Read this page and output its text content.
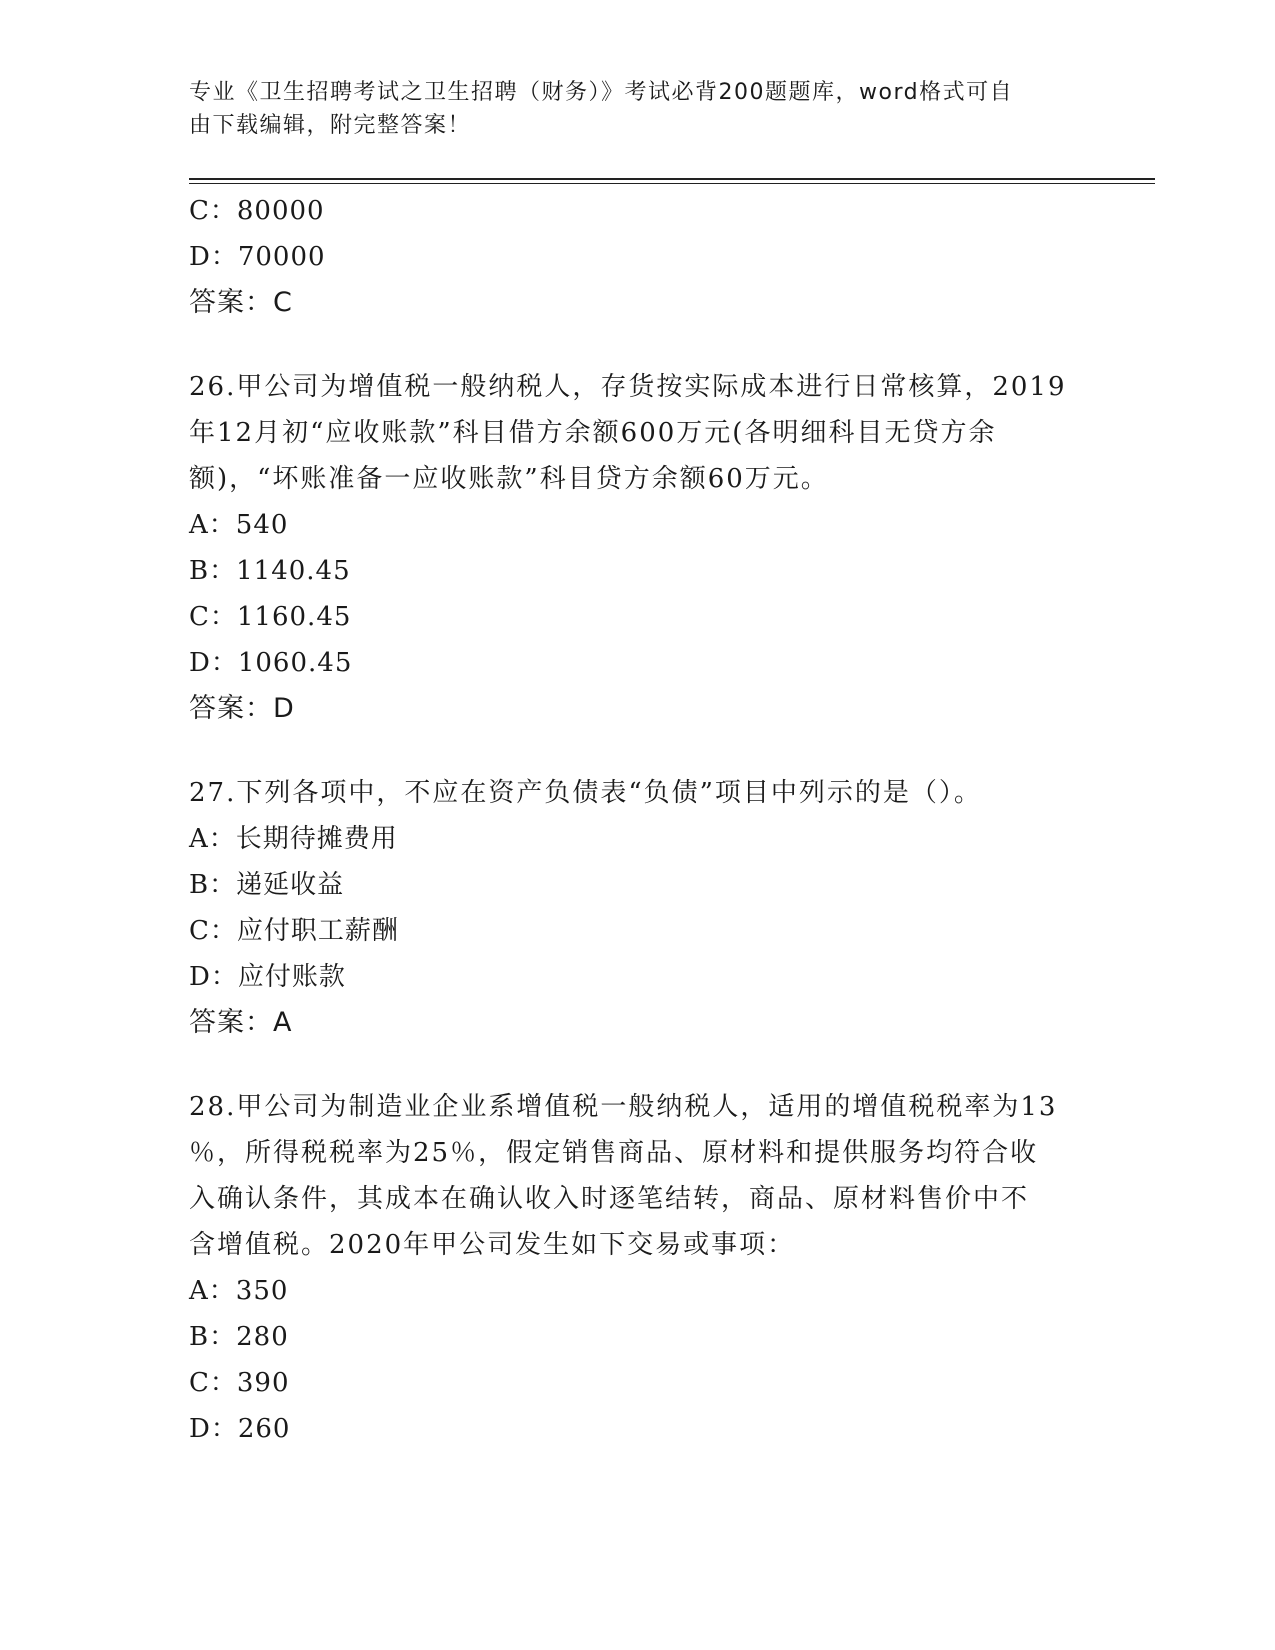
专业《卫生招聘考试之卫生招聘（财务）》考试必背200题题库，word格式可自
由下载编辑，附完整答案！
C：80000
D：70000
答案：C
26.甲公司为增值税一般纳税人，存货按实际成本进行日常核算，2019
年12月初“应收账款”科目借方余额600万元(各明细科目无贷方余
额)，“坏账准备一应收账款”科目贷方余额60万元。
A：540
B：1140.45
C：1160.45
D：1060.45
答案：D
27.下列各项中，不应在资产负债表“负债”项目中列示的是（）。
A：长期待摊费用
B：递延收益
C：应付职工薪酬
D：应付账款
答案：A
28.甲公司为制造业企业系增值税一般纳税人，适用的增值税税率为13
％，所得税税率为25％，假定销售商品、原材料和提供服务均符合收
入确认条件，其成本在确认收入时逐笔结转，商品、原材料售价中不
含增值税。2020年甲公司发生如下交易或事项：
A：350
B：280
C：390
D：260
